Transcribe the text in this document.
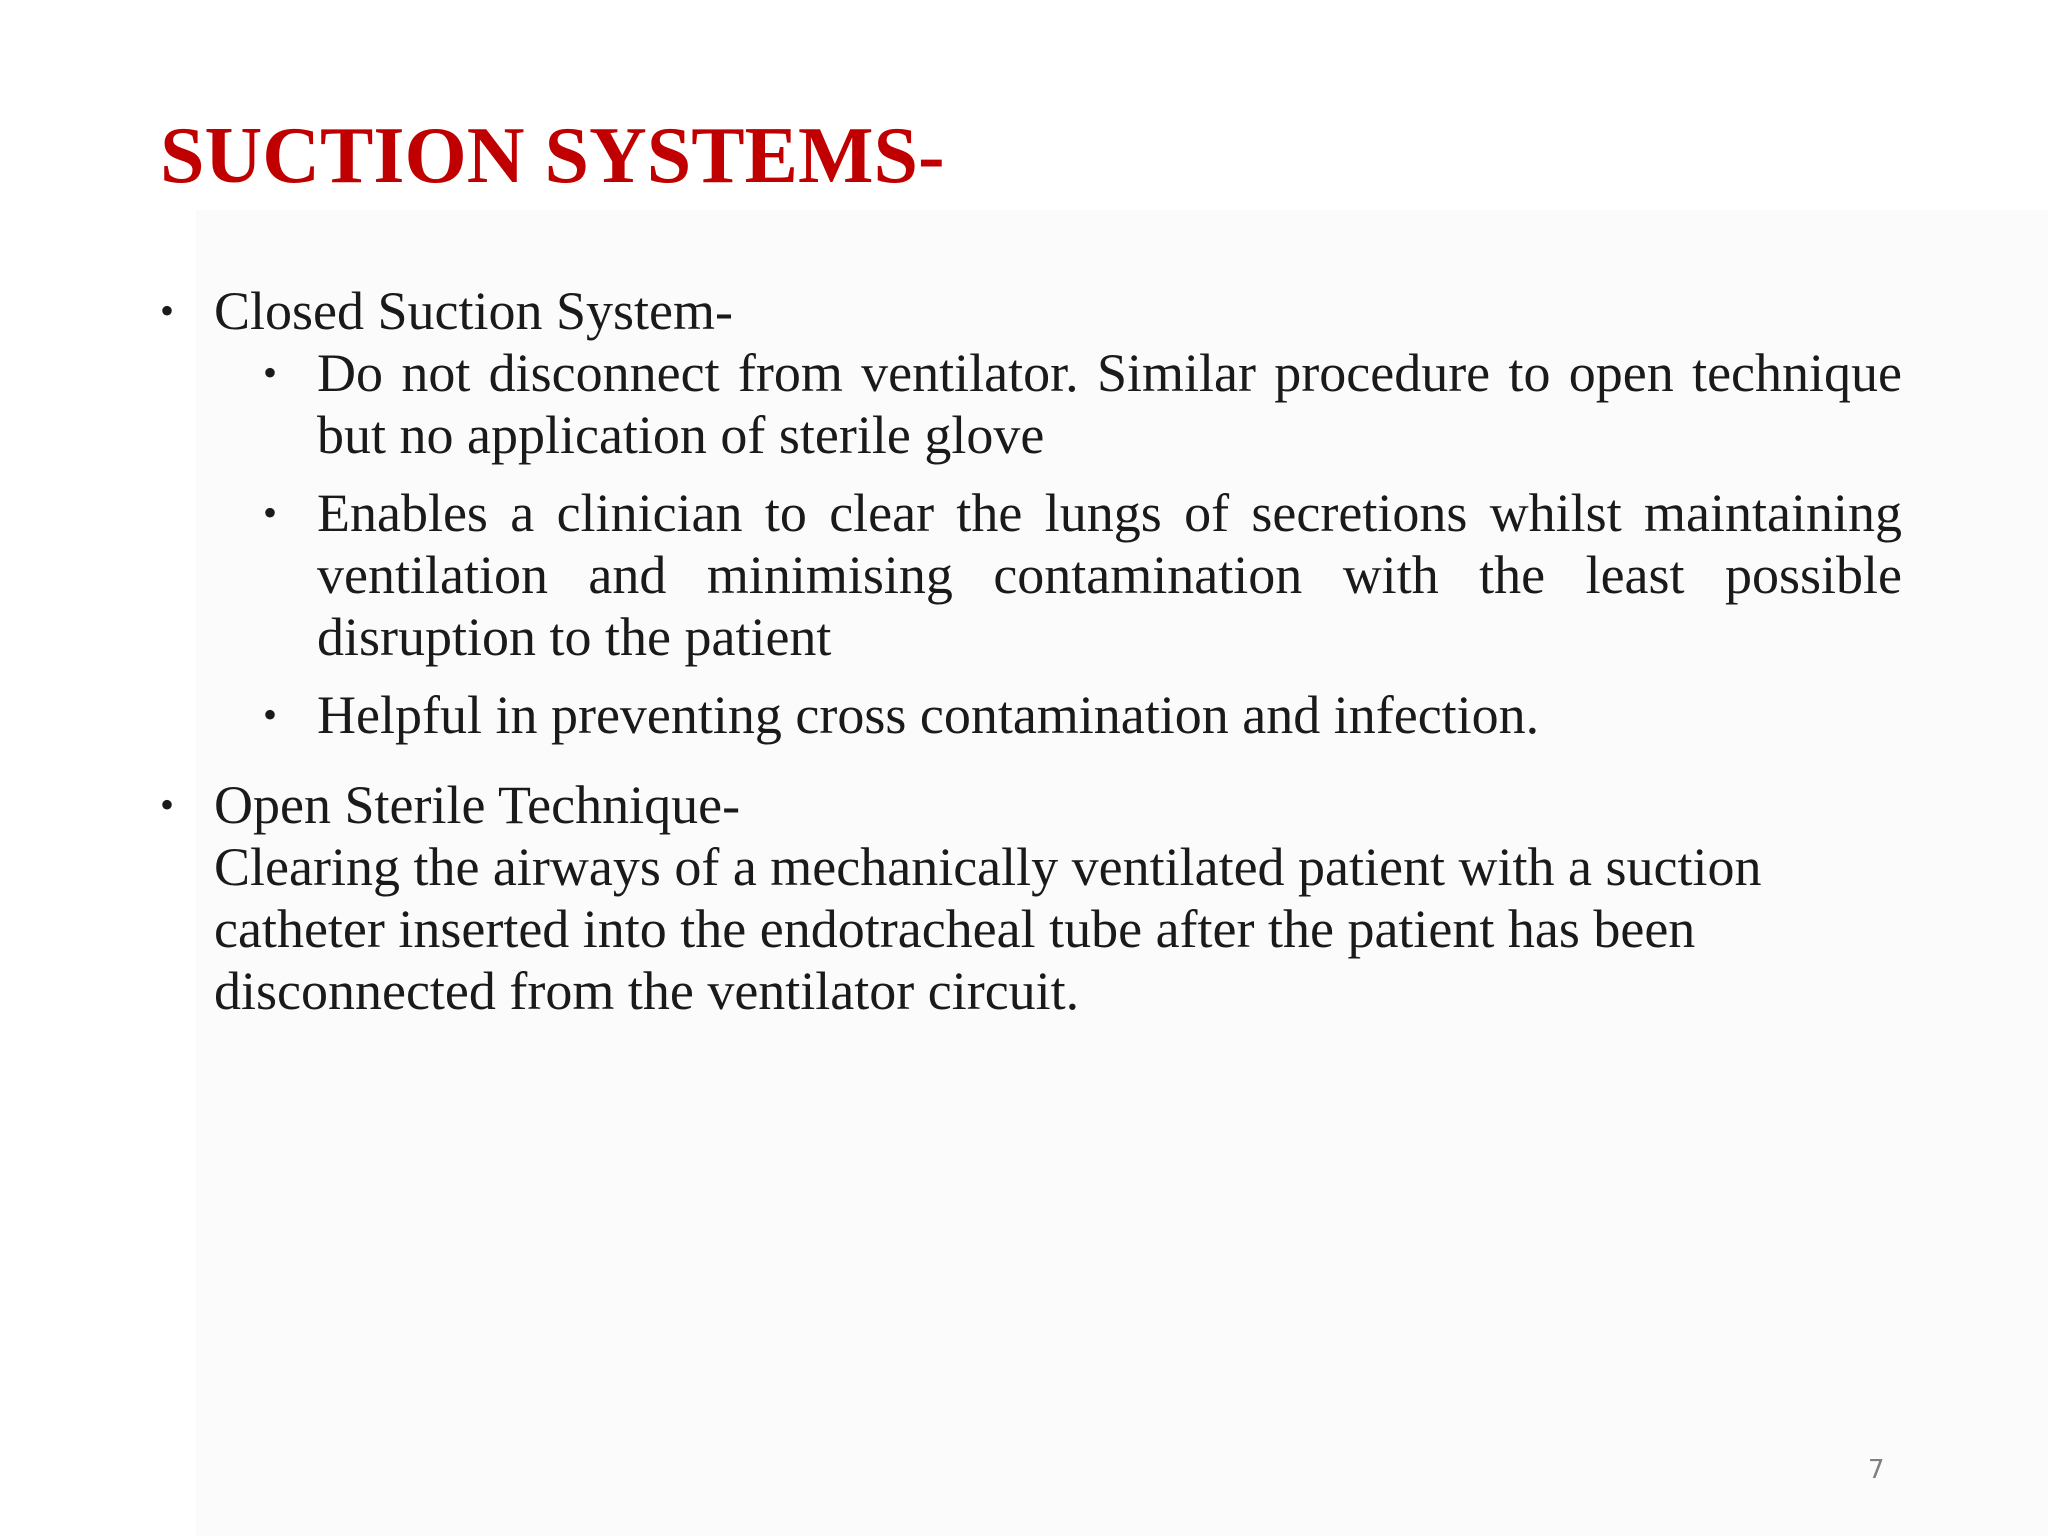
SUCTION SYSTEMS-
• Closed Suction System-
• Do not disconnect from ventilator. Similar procedure to open technique but no application of sterile glove
• Enables a clinician to clear the lungs of secretions whilst maintaining ventilation and minimising contamination with the least possible disruption to the patient
• Helpful in preventing cross contamination and infection.
• Open Sterile Technique-
Clearing the airways of a mechanically ventilated patient with a suction catheter inserted into the endotracheal tube after the patient has been disconnected from the ventilator circuit.
7
